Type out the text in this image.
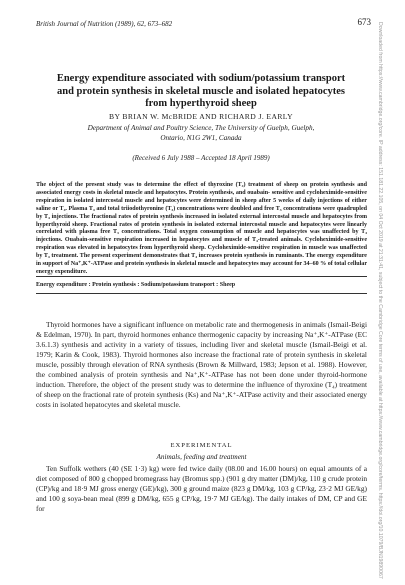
British Journal of Nutrition (1989), 62, 673–682	673
Energy expenditure associated with sodium/potassium transport
and protein synthesis in skeletal muscle and isolated hepatocytes
from hyperthyroid sheep
BY BRIAN W. McBRIDE AND RICHARD J. EARLY
Department of Animal and Poultry Science, The University of Guelph, Guelph,
Ontario, N1G 2W1, Canada
(Received 6 July 1988 – Accepted 18 April 1989)
The object of the present study was to determine the effect of thyroxine (T₄) treatment of sheep on protein synthesis and associated energy costs in skeletal muscle and hepatocytes. Protein synthesis, and ouabain- sensitive and cycloheximide-sensitive respiration in isolated intercostal muscle and hepatocytes were determined in sheep after 5 weeks of daily injections of either saline or T₄. Plasma T₄ and total triiodothyronine (T₃) concentrations were doubled and free T₃ concentrations were quadrupled by T₄ injections. The fractional rates of protein synthesis increased in isolated external intercostal muscle and hepatocytes from hyperthyroid sheep. Fractional rates of protein synthesis in isolated external intercostal muscle and hepatocytes were linearly correlated with plasma free T₃ concentrations. Total oxygen consumption of muscle and hepatocytes was unaffected by T₄ injections. Ouabain-sensitive respiration increased in hepatocytes and muscle of T₄-treated animals. Cycloheximide-sensitive respiration was elevated in hepatocytes from hyperthyroid sheep. Cycloheximide-sensitive respiration in muscle was unaffected by T₄ treatment. The present experiment demonstrates that T₄ increases protein synthesis in ruminants. The energy expenditure in support of Na⁺,K⁺-ATPase and protein synthesis in skeletal muscle and hepatocytes may account for 34–60 % of total cellular energy expenditure.
Energy expenditure : Protein synthesis : Sodium/potassium transport : Sheep

Thyroid hormones have a significant influence on metabolic rate and thermogenesis in animals (Ismail-Beigi & Edelman, 1970). In part, thyroid hormones enhance thermogenic capacity by increasing Na⁺,K⁺-ATPase (EC 3.6.1.3) synthesis and activity in a variety of tissues, including liver and skeletal muscle (Ismail-Beigi et al. 1979; Karin & Cook, 1983). Thyroid hormones also increase the fractional rate of protein synthesis in skeletal muscle, possibly through elevation of RNA synthesis (Brown & Millward, 1983; Jepson et al. 1988). However, the combined analysis of protein synthesis and Na⁺,K⁺-ATPase has not been done under thyroid-hormone induction. Therefore, the object of the present study was to determine the influence of thyroxine (T₄) treatment of sheep on the fractional rate of protein synthesis (Ks) and Na⁺,K⁺-ATPase activity and their associated energy costs in isolated hepatocytes and skeletal muscle.

EXPERIMENTAL
Animals, feeding and treatment

Ten Suffolk wethers (40 (SE 1·3) kg) were fed twice daily (08.00 and 16.00 hours) on equal amounts of a diet composed of 800 g chopped bromegrass hay (Bromus spp.) (901 g dry matter (DM)/kg, 110 g crude protein (CP)/kg and 18·9 MJ gross energy (GE)/kg), 300 g ground maize (823 g DM/kg, 103 g CP/kg, 23·2 MJ GE/kg) and 100 g soya-bean meal (899 g DM/kg, 655 g CP/kg, 19·7 MJ GE/kg). The daily intakes of DM, CP and GE for	Downloaded from https://www.cambridge.org/core. IP address: 151.181.22.105, on 04 Oct 2019 at 21:31:41, subject to the Cambridge Core terms of use, available at https://www.cambridge.org/core/terms. https://doi.org/10.1079/BJN19890067
